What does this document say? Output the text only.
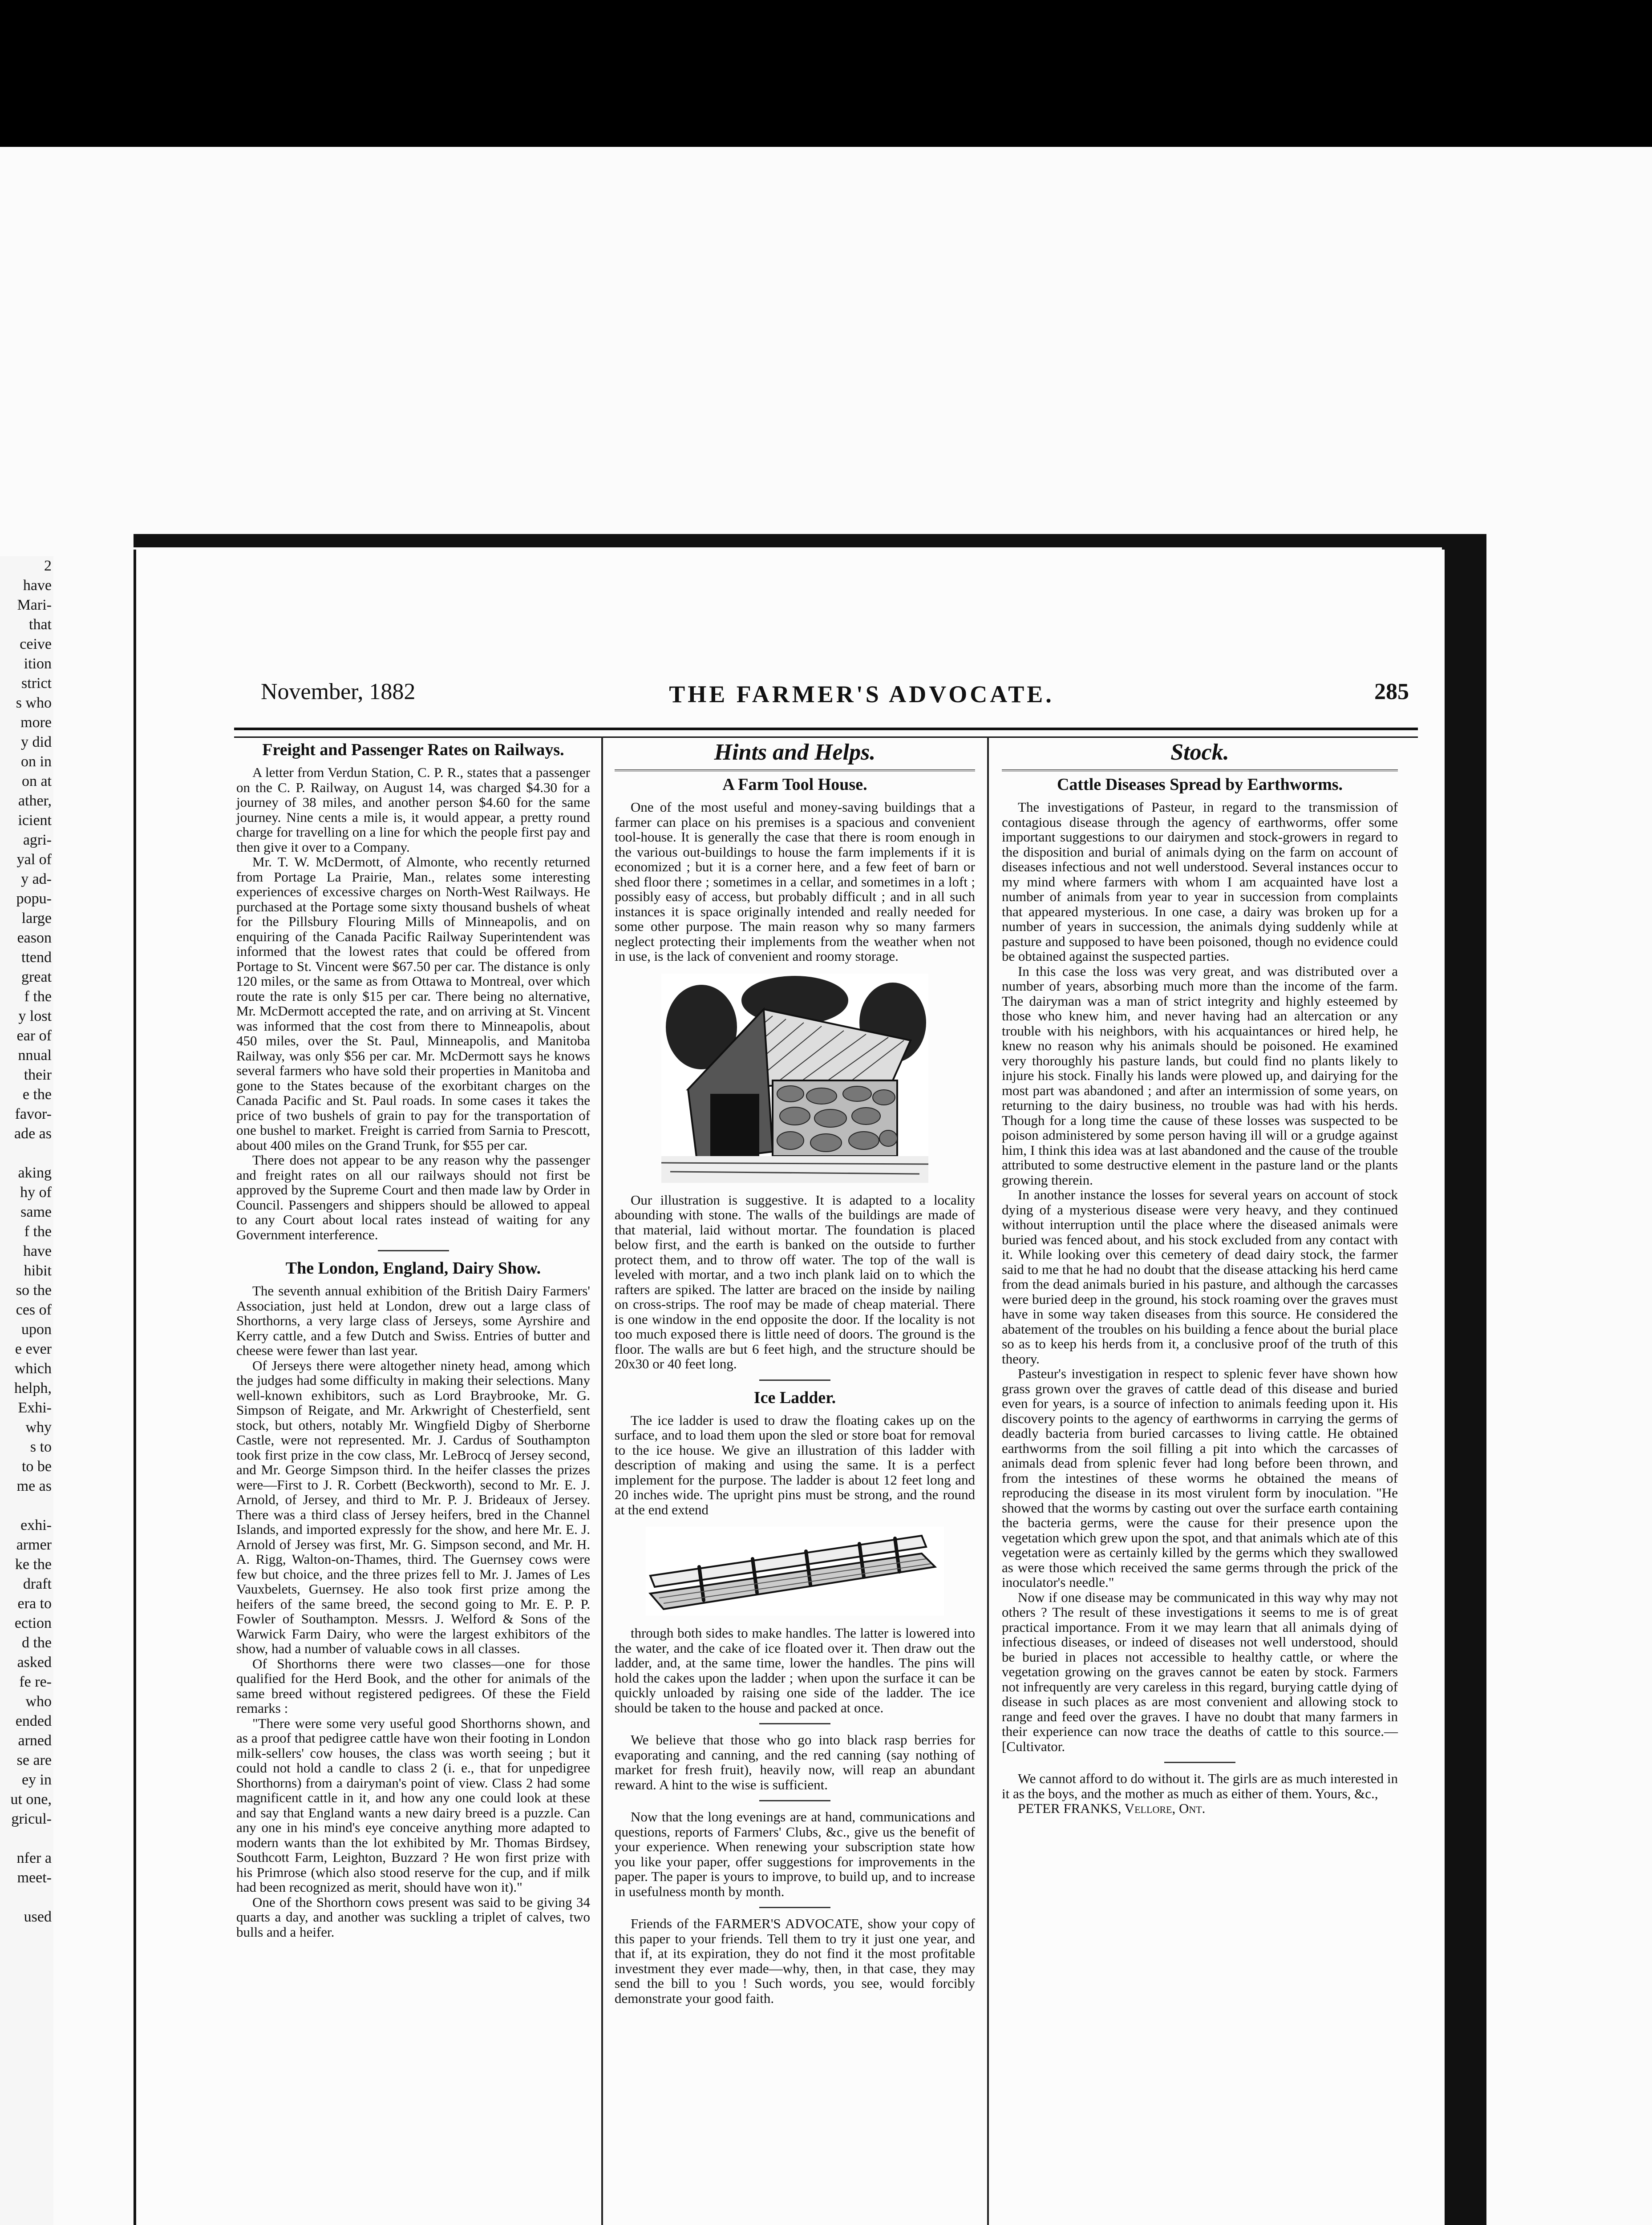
2
have
Mari-
that
ceive
ition
strict
s who
more
y did
on in
on at
ather,
icient
agri-
yal of
y ad-
popu-
large
eason
ttend
great
f the
y lost
ear of
nnual
their
e the
favor-
ade as
aking
hy of
same
f the
have
hibit
so the
ces of
upon
e ever
which
helph,
Exhi-
why
s to
to be
me as
exhi-
armer
ke the
draft
era to
ection
d the
asked
fe re-
who
ended
arned
se are
ey in
ut one,
gricul-
nfer a
meet-
used
November, 1882	THE FARMER'S ADVOCATE.	285
Freight and Passenger Rates on Railways.

A letter from Verdun Station, C. P. R., states that a passenger on the C. P. Railway, on August 14, was charged $4.30 for a journey of 38 miles, and another person $4.60 for the same journey. Nine cents a mile is, it would appear, a pretty round charge for travelling on a line for which the people first pay and then give it over to a Company.

Mr. T. W. McDermott, of Almonte, who recently returned from Portage La Prairie, Man., relates some interesting experiences of excessive charges on North-West Railways. He purchased at the Portage some sixty thousand bushels of wheat for the Pillsbury Flouring Mills of Minneapolis, and on enquiring of the Canada Pacific Railway Superintendent was informed that the lowest rates that could be offered from Portage to St. Vincent were $67.50 per car. The distance is only 120 miles, or the same as from Ottawa to Montreal, over which route the rate is only $15 per car. There being no alternative, Mr. McDermott accepted the rate, and on arriving at St. Vincent was informed that the cost from there to Minneapolis, about 450 miles, over the St. Paul, Minneapolis, and Manitoba Railway, was only $56 per car. Mr. McDermott says he knows several farmers who have sold their properties in Manitoba and gone to the States because of the exorbitant charges on the Canada Pacific and St. Paul roads. In some cases it takes the price of two bushels of grain to pay for the transportation of one bushel to market. Freight is carried from Sarnia to Prescott, about 400 miles on the Grand Trunk, for $55 per car.

There does not appear to be any reason why the passenger and freight rates on all our railways should not first be approved by the Supreme Court and then made law by Order in Council. Passengers and shippers should be allowed to appeal to any Court about local rates instead of waiting for any Government interference.

The London, England, Dairy Show.

The seventh annual exhibition of the British Dairy Farmers' Association, just held at London, drew out a large class of Shorthorns, a very large class of Jerseys, some Ayrshire and Kerry cattle, and a few Dutch and Swiss. Entries of butter and cheese were fewer than last year.

Of Jerseys there were altogether ninety head, among which the judges had some difficulty in making their selections. Many well-known exhibitors, such as Lord Braybrooke, Mr. G. Simpson of Reigate, and Mr. Arkwright of Chesterfield, sent stock, but others, notably Mr. Wingfield Digby of Sherborne Castle, were not represented. Mr. J. Cardus of Southampton took first prize in the cow class, Mr. LeBrocq of Jersey second, and Mr. George Simpson third. In the heifer classes the prizes were—First to J. R. Corbett (Beckworth), second to Mr. E. J. Arnold, of Jersey, and third to Mr. P. J. Brideaux of Jersey. There was a third class of Jersey heifers, bred in the Channel Islands, and imported expressly for the show, and here Mr. E. J. Arnold of Jersey was first, Mr. G. Simpson second, and Mr. H. A. Rigg, Walton-on-Thames, third. The Guernsey cows were few but choice, and the three prizes fell to Mr. J. James of Les Vauxbelets, Guernsey. He also took first prize among the heifers of the same breed, the second going to Mr. E. P. P. Fowler of Southampton. Messrs. J. Welford & Sons of the Warwick Farm Dairy, who were the largest exhibitors of the show, had a number of valuable cows in all classes.

Of Shorthorns there were two classes—one for those qualified for the Herd Book, and the other for animals of the same breed without registered pedigrees. Of these the Field remarks :

"There were some very useful good Shorthorns shown, and as a proof that pedigree cattle have won their footing in London milk-sellers' cow houses, the class was worth seeing ; but it could not hold a candle to class 2 (i. e., that for unpedigree Shorthorns) from a dairyman's point of view. Class 2 had some magnificent cattle in it, and how any one could look at these and say that England wants a new dairy breed is a puzzle. Can any one in his mind's eye conceive anything more adapted to modern wants than the lot exhibited by Mr. Thomas Birdsey, Southcott Farm, Leighton, Buzzard ? He won first prize with his Primrose (which also stood reserve for the cup, and if milk had been recognized as merit, should have won it)."

One of the Shorthorn cows present was said to be giving 34 quarts a day, and another was suckling a triplet of calves, two bulls and a heifer.

Hints and Helps.
A Farm Tool House.

One of the most useful and money-saving buildings that a farmer can place on his premises is a spacious and convenient tool-house. It is generally the case that there is room enough in the various out-buildings to house the farm implements if it is economized ; but it is a corner here, and a few feet of barn or shed floor there ; sometimes in a cellar, and sometimes in a loft ; possibly easy of access, but probably difficult ; and in all such instances it is space originally intended and really needed for some other purpose. The main reason why so many farmers neglect protecting their implements from the weather when not in use, is the lack of convenient and roomy storage.

Our illustration is suggestive. It is adapted to a locality abounding with stone. The walls of the buildings are made of that material, laid without mortar. The foundation is placed below first, and the earth is banked on the outside to further protect them, and to throw off water. The top of the wall is leveled with mortar, and a two inch plank laid on to which the rafters are spiked. The latter are braced on the inside by nailing on cross-strips. The roof may be made of cheap material. There is one window in the end opposite the door. If the locality is not too much exposed there is little need of doors. The ground is the floor. The walls are but 6 feet high, and the structure should be 20x30 or 40 feet long.

Ice Ladder.

The ice ladder is used to draw the floating cakes up on the surface, and to load them upon the sled or store boat for removal to the ice house. We give an illustration of this ladder with description of making and using the same. It is a perfect implement for the purpose. The ladder is about 12 feet long and 20 inches wide. The upright pins must be strong, and the round at the end extend

through both sides to make handles. The latter is lowered into the water, and the cake of ice floated over it. Then draw out the ladder, and, at the same time, lower the handles. The pins will hold the cakes upon the ladder ; when upon the surface it can be quickly unloaded by raising one side of the ladder. The ice should be taken to the house and packed at once.

We believe that those who go into black rasp berries for evaporating and canning, and the red canning (say nothing of market for fresh fruit), heavily now, will reap an abundant reward. A hint to the wise is sufficient.

Now that the long evenings are at hand, communications and questions, reports of Farmers' Clubs, &c., give us the benefit of your experience. When renewing your subscription state how you like your paper, offer suggestions for improvements in the paper. The paper is yours to improve, to build up, and to increase in usefulness month by month.

Friends of the FARMER'S ADVOCATE, show your copy of this paper to your friends. Tell them to try it just one year, and that if, at its expiration, they do not find it the most profitable investment they ever made—why, then, in that case, they may send the bill to you ! Such words, you see, would forcibly demonstrate your good faith.

Stock.
Cattle Diseases Spread by Earthworms.

The investigations of Pasteur, in regard to the transmission of contagious disease through the agency of earthworms, offer some important suggestions to our dairymen and stock-growers in regard to the disposition and burial of animals dying on the farm on account of diseases infectious and not well understood. Several instances occur to my mind where farmers with whom I am acquainted have lost a number of animals from year to year in succession from complaints that appeared mysterious. In one case, a dairy was broken up for a number of years in succession, the animals dying suddenly while at pasture and supposed to have been poisoned, though no evidence could be obtained against the suspected parties.

In this case the loss was very great, and was distributed over a number of years, absorbing much more than the income of the farm. The dairyman was a man of strict integrity and highly esteemed by those who knew him, and never having had an altercation or any trouble with his neighbors, with his acquaintances or hired help, he knew no reason why his animals should be poisoned. He examined very thoroughly his pasture lands, but could find no plants likely to injure his stock. Finally his lands were plowed up, and dairying for the most part was abandoned ; and after an intermission of some years, on returning to the dairy business, no trouble was had with his herds. Though for a long time the cause of these losses was suspected to be poison administered by some person having ill will or a grudge against him, I think this idea was at last abandoned and the cause of the trouble attributed to some destructive element in the pasture land or the plants growing therein.

In another instance the losses for several years on account of stock dying of a mysterious disease were very heavy, and they continued without interruption until the place where the diseased animals were buried was fenced about, and his stock excluded from any contact with it. While looking over this cemetery of dead dairy stock, the farmer said to me that he had no doubt that the disease attacking his herd came from the dead animals buried in his pasture, and although the carcasses were buried deep in the ground, his stock roaming over the graves must have in some way taken diseases from this source. He considered the abatement of the troubles on his building a fence about the burial place so as to keep his herds from it, a conclusive proof of the truth of this theory.

Pasteur's investigation in respect to splenic fever have shown how grass grown over the graves of cattle dead of this disease and buried even for years, is a source of infection to animals feeding upon it. His discovery points to the agency of earthworms in carrying the germs of deadly bacteria from buried carcasses to living cattle. He obtained earthworms from the soil filling a pit into which the carcasses of animals dead from splenic fever had long before been thrown, and from the intestines of these worms he obtained the means of reproducing the disease in its most virulent form by inoculation. "He showed that the worms by casting out over the surface earth containing the bacteria germs, were the cause for their presence upon the vegetation which grew upon the spot, and that animals which ate of this vegetation were as certainly killed by the germs which they swallowed as were those which received the same germs through the prick of the inoculator's needle."

Now if one disease may be communicated in this way why may not others ? The result of these investigations it seems to me is of great practical importance. From it we may learn that all animals dying of infectious diseases, or indeed of diseases not well understood, should be buried in places not accessible to healthy cattle, or where the vegetation growing on the graves cannot be eaten by stock. Farmers not infrequently are very careless in this regard, burying cattle dying of disease in such places as are most convenient and allowing stock to range and feed over the graves. I have no doubt that many farmers in their experience can now trace the deaths of cattle to this source.—[Cultivator.

We cannot afford to do without it. The girls are as much interested in it as the boys, and the mother as much as either of them. Yours, &c.,

PETER FRANKS, Vellore, Ont.
